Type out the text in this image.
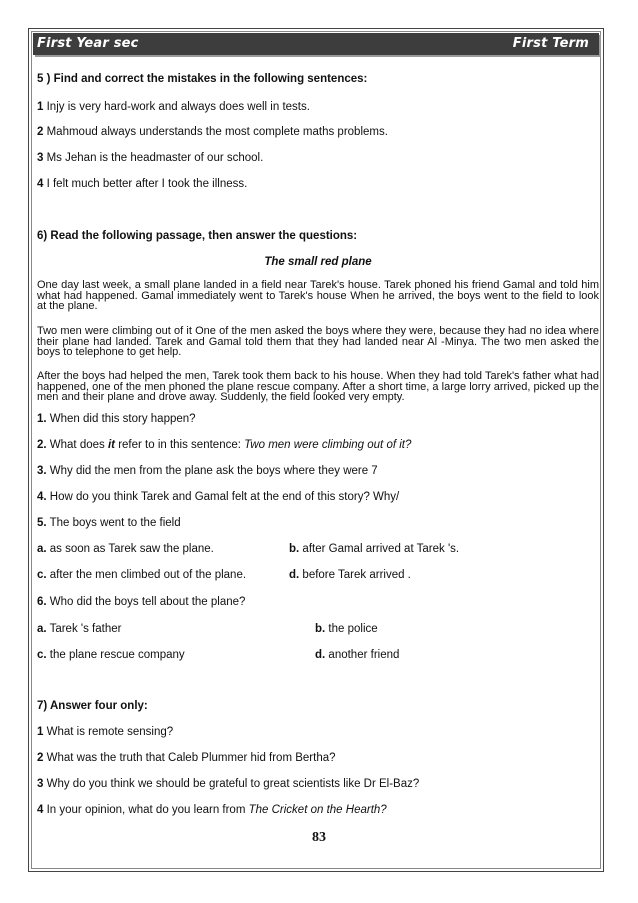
First Year sec	First Term
5 ) Find and correct the mistakes in the following sentences:
1 Injy is very hard-work and always does well in tests.
2 Mahmoud always understands the most complete maths problems.
3 Ms Jehan is the headmaster of our school.
4 I felt much better after I took the illness.
6) Read the following passage, then answer the questions:
The small red plane
One day last week, a small plane landed in a field near Tarek's house. Tarek phoned his friend Gamal and told him what had happened. Gamal immediately went to Tarek's house When he arrived, the boys went to the field to look at the plane.
Two men were climbing out of it One of the men asked the boys where they were, because they had no idea where their plane had landed. Tarek and Gamal told them that they had landed near Al -Minya. The two men asked the boys to telephone to get help.
After the boys had helped the men, Tarek took them back to his house. When they had told Tarek's father what had happened, one of the men phoned the plane rescue company. After a short time, a large lorry arrived, picked up the men and their plane and drove away. Suddenly, the field looked very empty.
1. When did this story happen?
2. What does it refer to in this sentence: Two men were climbing out of it?
3. Why did the men from the plane ask the boys where they were 7
4. How do you think Tarek and Gamal felt at the end of this story? Why/
5. The boys went to the field
a. as soon as Tarek saw the plane.	b. after Gamal arrived at Tarek 's.
c. after the men climbed out of the plane.	d. before Tarek arrived .
6. Who did the boys tell about the plane?
a. Tarek 's father	b. the police
c. the plane rescue company	d. another friend
7) Answer four only:
1 What is remote sensing?
2 What was the truth that Caleb Plummer hid from Bertha?
3 Why do you think we should be grateful to great scientists like Dr El-Baz?
4 In your opinion, what do you learn from The Cricket on the Hearth?
83
